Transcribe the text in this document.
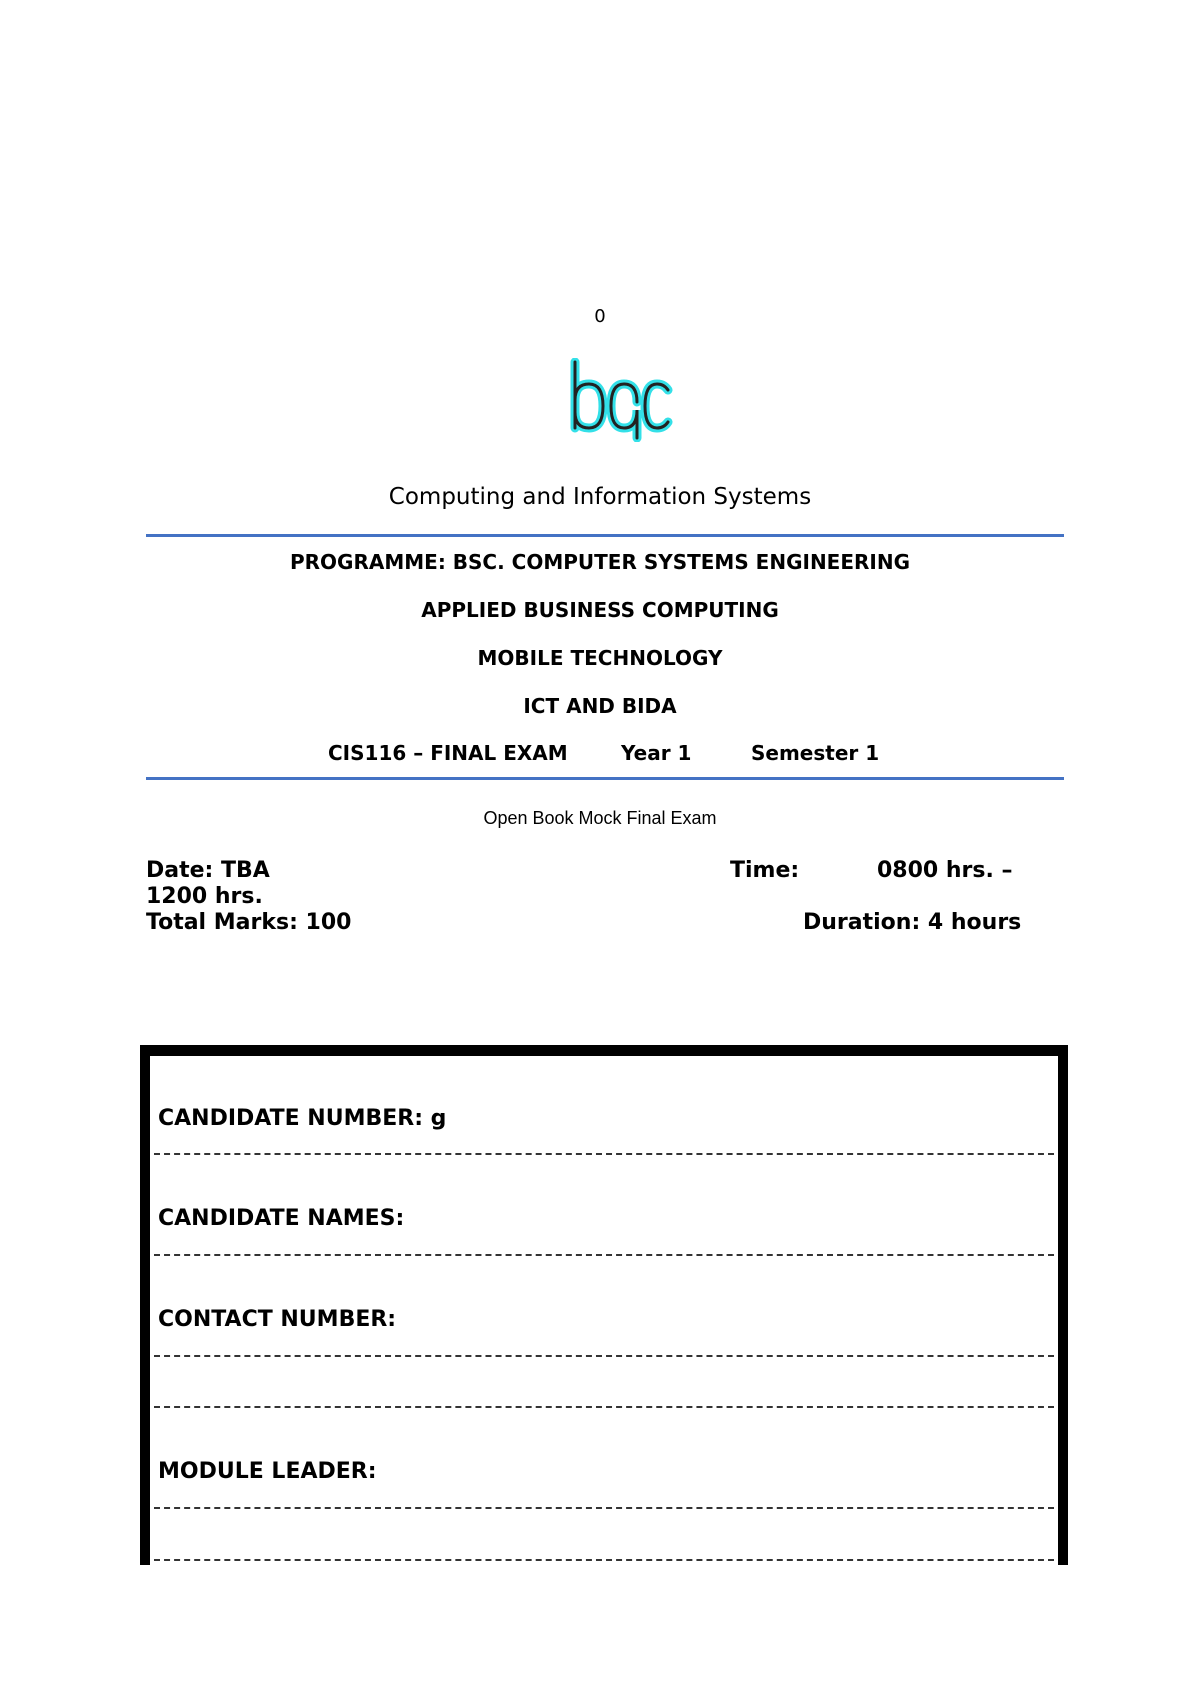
0
Computing and Information Systems
PROGRAMME: BSC. COMPUTER SYSTEMS ENGINEERING
APPLIED BUSINESS COMPUTING
MOBILE TECHNOLOGY
ICT AND BIDA
CIS116 – FINAL EXAM	Year 1	Semester 1
Open Book Mock Final Exam
Date: TBA	Time:	0800 hrs. –
1200 hrs.
Total Marks: 100	Duration: 4 hours
CANDIDATE NUMBER: g
CANDIDATE NAMES:
CONTACT NUMBER:
MODULE LEADER:
